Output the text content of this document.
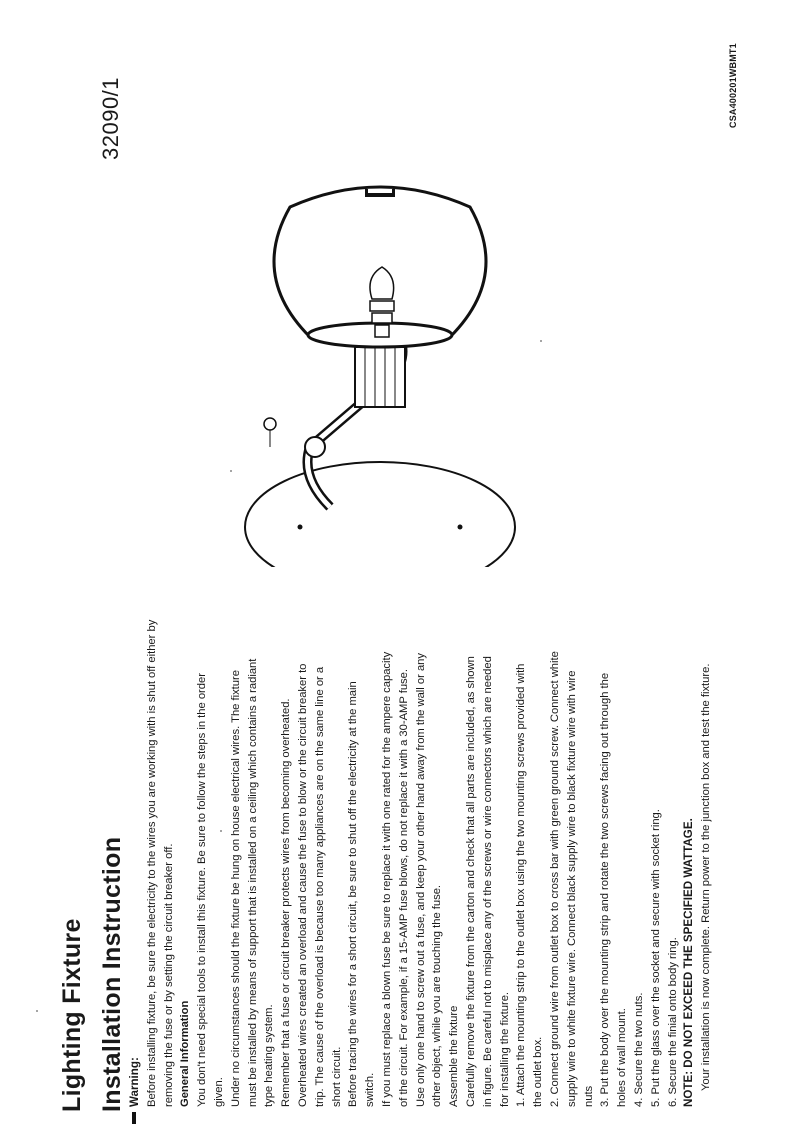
Lighting Fixture Installation Instruction Warning: Before installing fixture, be sure the electricity to the wires you are working with is shut off either by removing the fuse or by setting the circuit breaker off. General Information You don't need special tools to install this fixture. Be sure to follow the steps in the order given. Under no circumstances should the fixture be hung on house electrical wires. The fixture must be installed by means of support that is installed on a ceiling which contains a radiant type heating system. Remember that a fuse or circuit breaker protects wires from becoming overheated. Overheated wires created an overload and cause the fuse to blow or the circuit breaker to trip. The cause of the overload is because too many appliances are on the same line or a short circuit. Before tracing the wires for a short circuit, be sure to shut off the electricity at the main switch. If you must replace a blown fuse be sure to replace it with one rated for the ampere capacity of the circuit. For example, if a 15-AMP fuse blows, do not replace it with a 30-AMP fuse. Use only one hand to screw out a fuse, and keep your other hand away from the wall or any other object, while you are touching the fuse. Assemble the fixture Carefully remove the fixture from the carton and check that all parts are included, as shown in figure. Be careful not to misplace any of the screws or wire connectors which are needed for installing the fixture. 1. Attach the mounting strip to the outlet box using the two mounting screws provided with the outlet box. 2. Connect ground wire from outlet box to cross bar with green ground screw. Connect white supply wire to white fixture wire. Connect black supply wire to black fixture wire with wire nuts 3. Put the body over the mounting strip and rotate the two screws facing out through the holes of wall mount. 4. Secure the two nuts. 5. Put the glass over the socket and secure with socket ring. 6. Secure the finial onto body ring. NOTE: DO NOT EXCEED THE SPECIFIED WATTAGE. Your installation is now complete. Return power to the junction box and test the fixture.
32090/1	CSA400201WBMT1
